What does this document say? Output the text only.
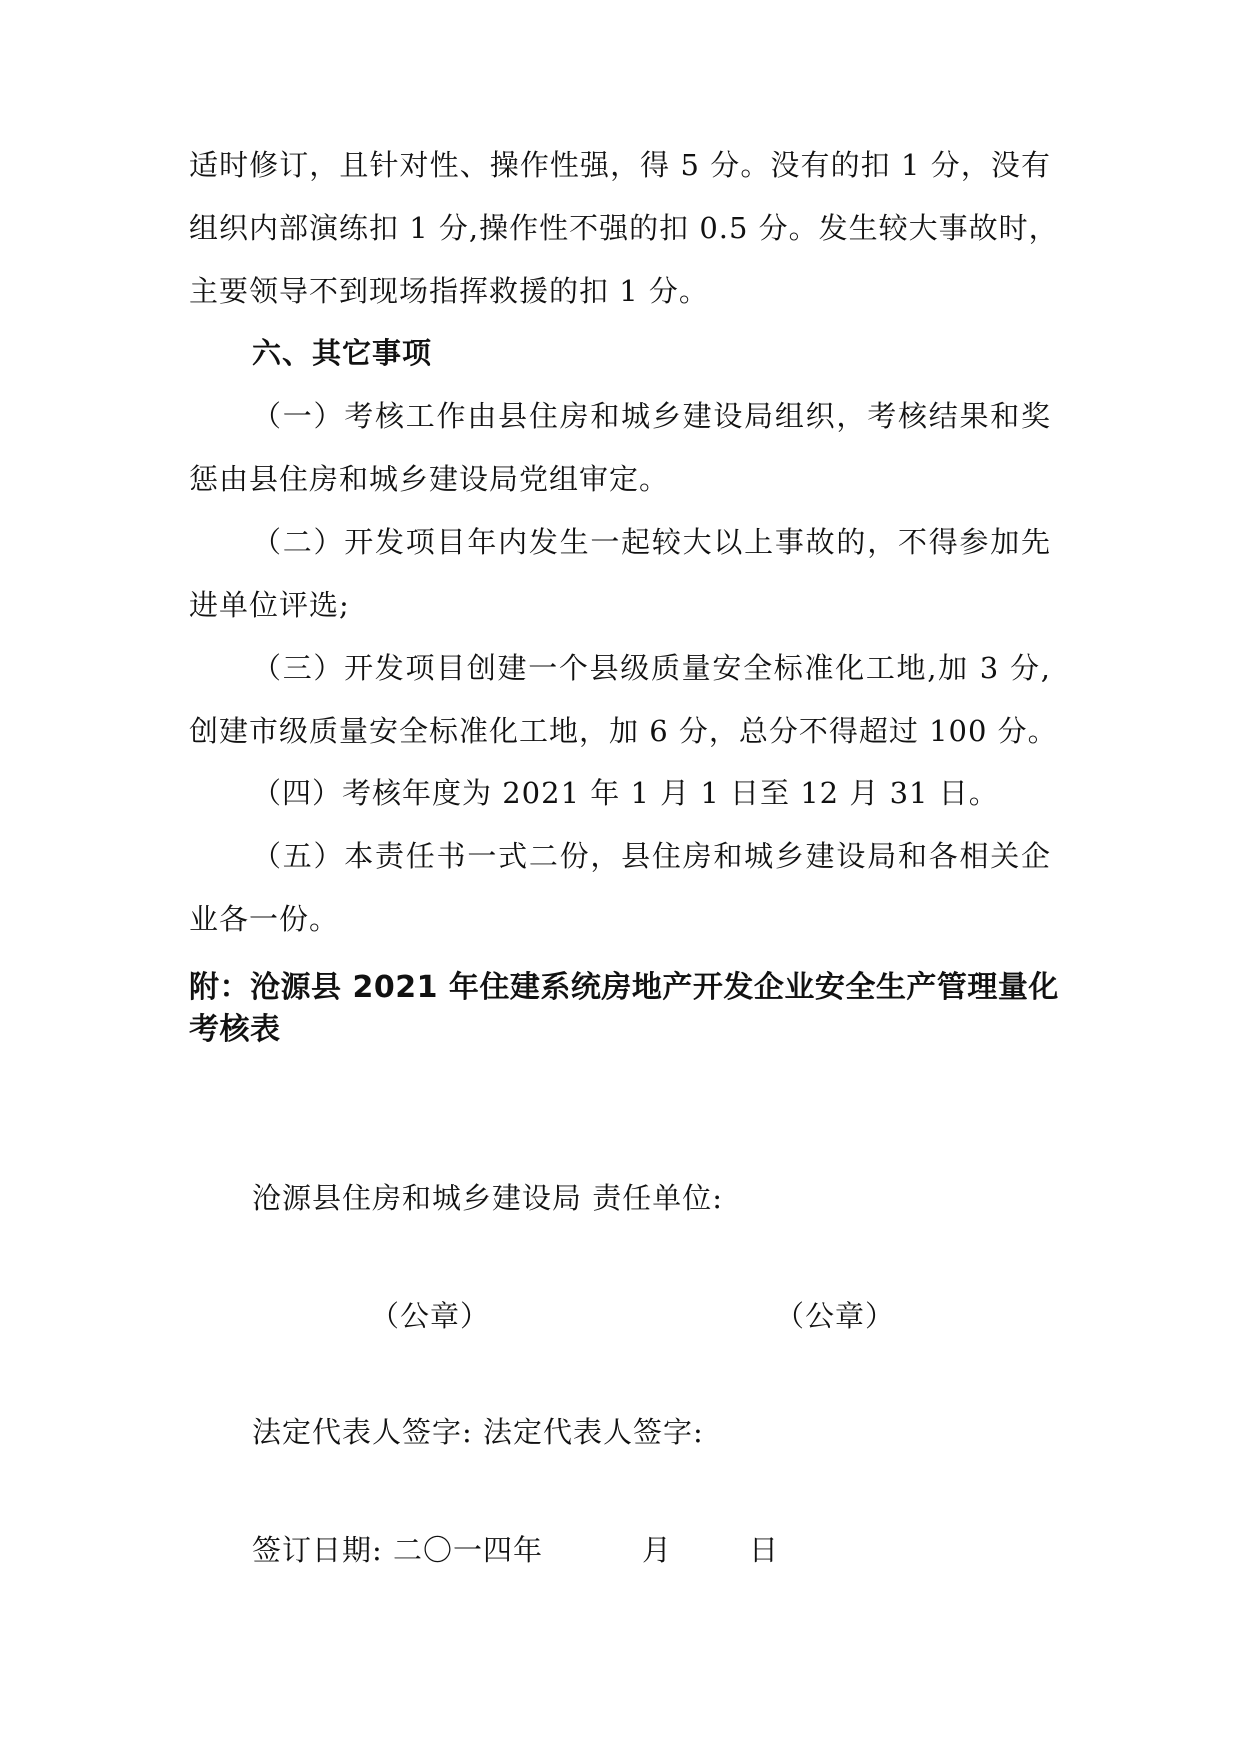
适时修订，且针对性、操作性强，得 5 分。没有的扣 1 分，没有
组织内部演练扣 1 分,操作性不强的扣 0.5 分。发生较大事故时，
主要领导不到现场指挥救援的扣 1 分。
六、其它事项
（一）考核工作由县住房和城乡建设局组织，考核结果和奖
惩由县住房和城乡建设局党组审定。
（二）开发项目年内发生一起较大以上事故的，不得参加先
进单位评选;
（三）开发项目创建一个县级质量安全标准化工地,加 3 分,
创建市级质量安全标准化工地，加 6 分，总分不得超过 100 分。
（四）考核年度为 2021 年 1 月 1 日至 12 月 31 日。
（五）本责任书一式二份，县住房和城乡建设局和各相关企
业各一份。
附：沧源县 2021 年住建系统房地产开发企业安全生产管理量化
考核表
沧源县住房和城乡建设局 责任单位:
（公章）	（公章）
法定代表人签字: 法定代表人签字:
签订日期: 二〇一四年	月	日
